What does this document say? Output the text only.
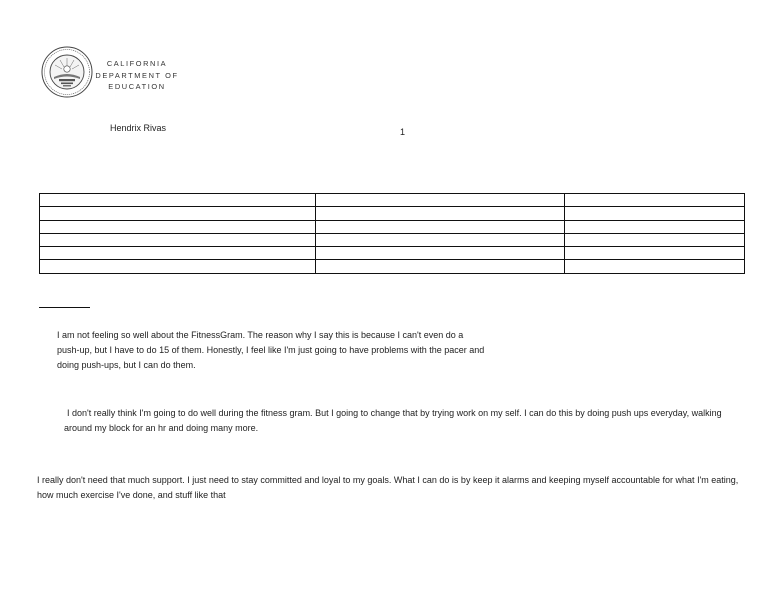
CALIFORNIA
DEPARTMENT OF
EDUCATION
Hendrix Rivas	1

I am not feeling so well about the FitnessGram. The reason why I say this is because I can't even do a push-up, but I have to do 15 of them. Honestly, I feel like I'm just going to have problems with the pacer and doing push-ups, but I can do them.
I don't really think I'm going to do well during the fitness gram. But I going to change that by trying work on my self. I can do this by doing push ups everyday, walking around my block for an hr and doing many more.
I really don't need that much support. I just need to stay committed and loyal to my goals. What I can do is by keep it alarms and keeping myself accountable for what I'm eating, how much exercise I've done, and stuff like that
